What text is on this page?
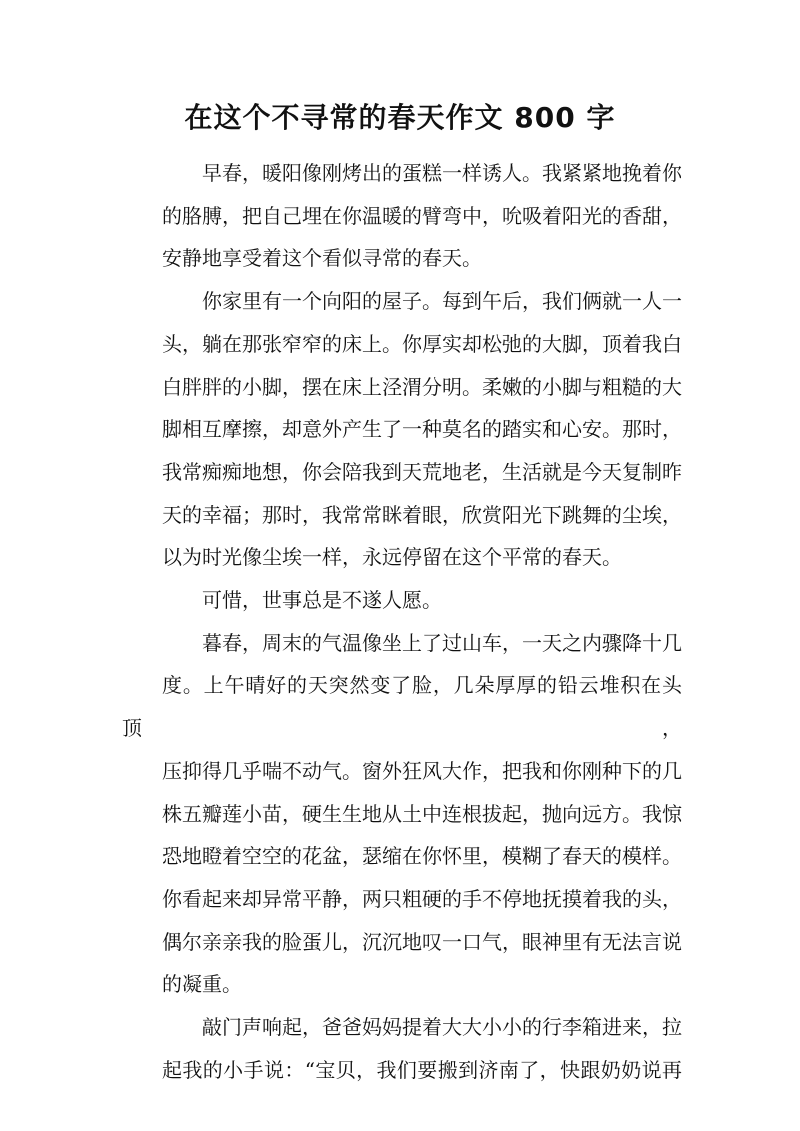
在这个不寻常的春天作文 800 字

早春，暖阳像刚烤出的蛋糕一样诱人。我紧紧地挽着你
的胳膊，把自己埋在你温暖的臂弯中，吮吸着阳光的香甜，
安静地享受着这个看似寻常的春天。

你家里有一个向阳的屋子。每到午后，我们俩就一人一
头，躺在那张窄窄的床上。你厚实却松弛的大脚，顶着我白
白胖胖的小脚，摆在床上泾渭分明。柔嫩的小脚与粗糙的大
脚相互摩擦，却意外产生了一种莫名的踏实和心安。那时，
我常痴痴地想，你会陪我到天荒地老，生活就是今天复制昨
天的幸福；那时，我常常眯着眼，欣赏阳光下跳舞的尘埃，
以为时光像尘埃一样，永远停留在这个平常的春天。

可惜，世事总是不遂人愿。

暮春，周末的气温像坐上了过山车，一天之内骤降十几
度。上午晴好的天突然变了脸，几朵厚厚的铅云堆积在头顶，
压抑得几乎喘不动气。窗外狂风大作，把我和你刚种下的几
株五瓣莲小苗，硬生生地从土中连根拔起，抛向远方。我惊
恐地瞪着空空的花盆，瑟缩在你怀里，模糊了春天的模样。
你看起来却异常平静，两只粗硬的手不停地抚摸着我的头，
偶尔亲亲我的脸蛋儿，沉沉地叹一口气，眼神里有无法言说
的凝重。

敲门声响起，爸爸妈妈提着大大小小的行李箱进来，拉
起我的小手说：“宝贝，我们要搬到济南了，快跟奶奶说再
